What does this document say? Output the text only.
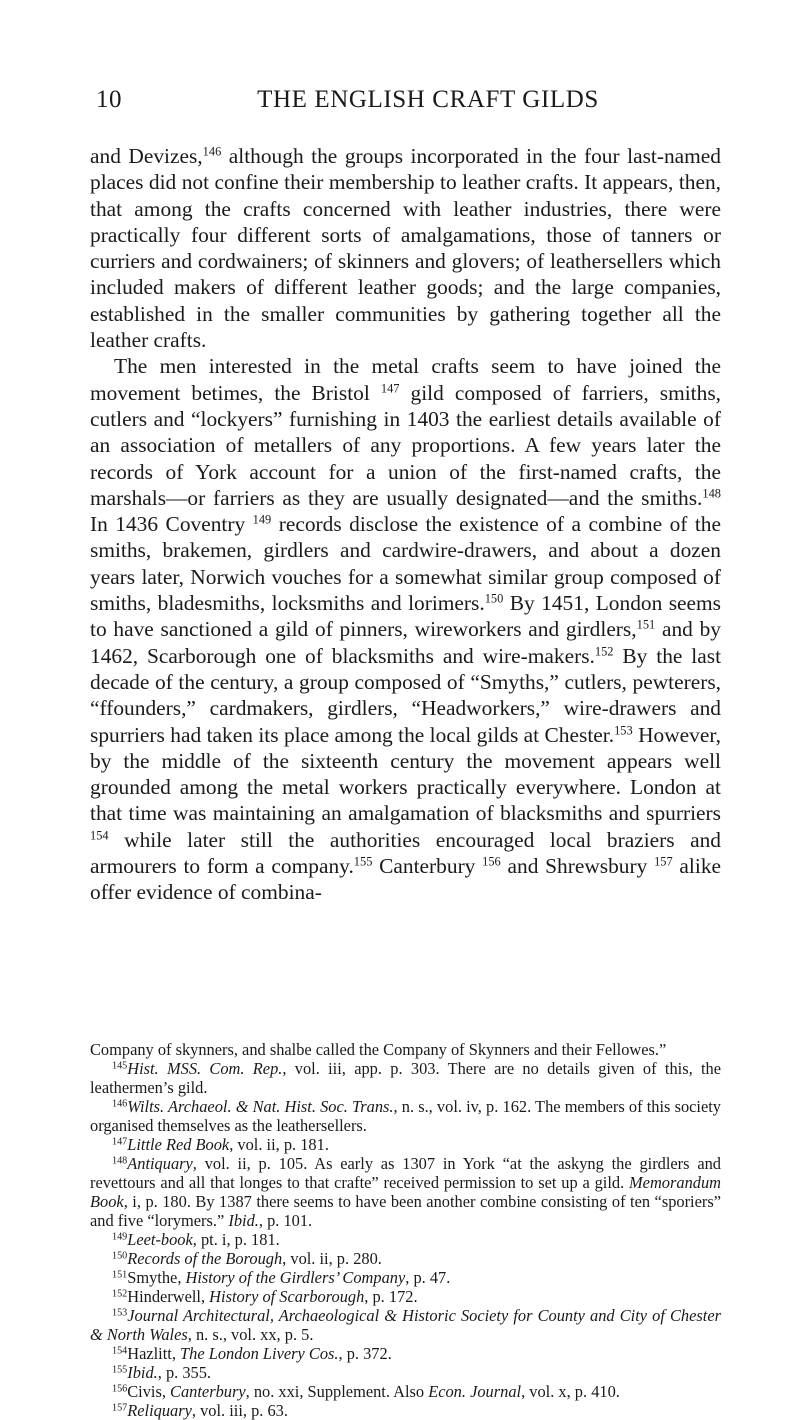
10	THE ENGLISH CRAFT GILDS

and Devizes,$^{146}$ although the groups incorporated in the four last-named places did not confine their membership to leather crafts. It appears, then, that among the crafts concerned with leather industries, there were practically four different sorts of amalgamations, those of tanners or curriers and cordwainers; of skinners and glovers; of leathersellers which included makers of different leather goods; and the large companies, established in the smaller communities by gathering together all the leather crafts.

The men interested in the metal crafts seem to have joined the movement betimes, the Bristol $^{147}$ gild composed of farriers, smiths, cutlers and “lockyers” furnishing in 1403 the earliest details available of an association of metallers of any proportions. A few years later the records of York account for a union of the first-named crafts, the marshals—or farriers as they are usually designated—and the smiths.$^{148}$ In 1436 Coventry $^{149}$ records disclose the existence of a combine of the smiths, brakemen, girdlers and cardwire-drawers, and about a dozen years later, Norwich vouches for a somewhat similar group composed of smiths, bladesmiths, locksmiths and lorimers.$^{150}$ By 1451, London seems to have sanctioned a gild of pinners, wireworkers and girdlers,$^{151}$ and by 1462, Scarborough one of blacksmiths and wire-makers.$^{152}$ By the last decade of the century, a group composed of “Smyths,” cutlers, pewterers, “ffounders,” cardmakers, girdlers, “Headworkers,” wire-drawers and spurriers had taken its place among the local gilds at Chester.$^{153}$ However, by the middle of the sixteenth century the movement appears well grounded among the metal workers practically everywhere. London at that time was maintaining an amalgamation of blacksmiths and spurriers $^{154}$ while later still the authorities encouraged local braziers and armourers to form a company.$^{155}$ Canterbury $^{156}$ and Shrewsbury $^{157}$ alike offer evidence of combina-

Company of skynners, and shalbe called the Company of Skynners and their Fellowes.”

$^{145}$Hist. MSS. Com. Rep., vol. iii, app. p. 303. There are no details given of this, the leathermen’s gild.

$^{146}$Wilts. Archaeol. & Nat. Hist. Soc. Trans., n. s., vol. iv, p. 162. The members of this society organised themselves as the leathersellers.

$^{147}$Little Red Book, vol. ii, p. 181.

$^{148}$Antiquary, vol. ii, p. 105. As early as 1307 in York “at the askyng the girdlers and revettours and all that longes to that crafte” received permission to set up a gild. Memorandum Book, i, p. 180. By 1387 there seems to have been another combine consisting of ten “sporiers” and five “lorymers.” Ibid., p. 101.

$^{149}$Leet-book, pt. i, p. 181.

$^{150}$Records of the Borough, vol. ii, p. 280.

$^{151}$Smythe, History of the Girdlers’ Company, p. 47.

$^{152}$Hinderwell, History of Scarborough, p. 172.

$^{153}$Journal Architectural, Archaeological & Historic Society for County and City of Chester & North Wales, n. s., vol. xx, p. 5.

$^{154}$Hazlitt, The London Livery Cos., p. 372.

$^{155}$Ibid., p. 355.

$^{156}$Civis, Canterbury, no. xxi, Supplement. Also Econ. Journal, vol. x, p. 410.

$^{157}$Reliquary, vol. iii, p. 63.
